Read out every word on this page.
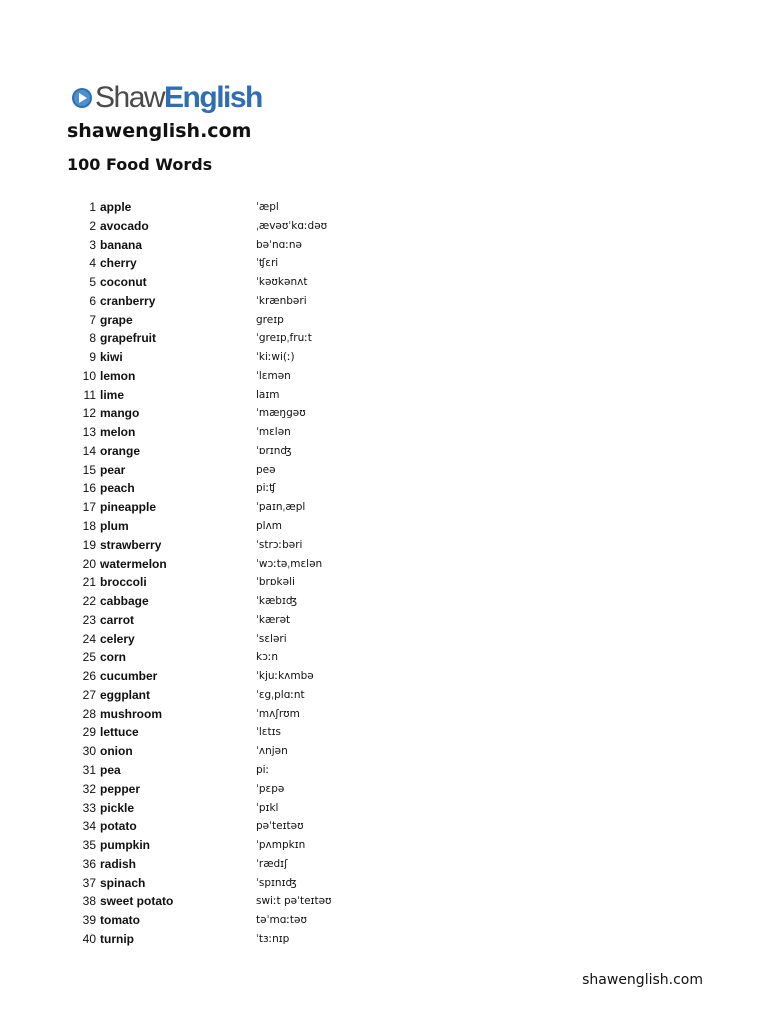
Shaw English
shawenglish.com
100 Food Words
1 apple	ˈæpl
2 avocado	ˌævəʊˈkɑːdəʊ
3 banana	bəˈnɑːnə
4 cherry	ˈʧɛri
5 coconut	ˈkəʊkənʌt
6 cranberry	ˈkrænbəri
7 grape	greɪp
8 grapefruit	ˈgreɪpˌfruːt
9 kiwi	ˈkiːwi(ː)
10 lemon	ˈlɛmən
11 lime	laɪm
12 mango	ˈmæŋgəʊ
13 melon	ˈmɛlən
14 orange	ˈɒrɪnʤ
15 pear	peə
16 peach	piːʧ
17 pineapple	ˈpaɪnˌæpl
18 plum	plʌm
19 strawberry	ˈstrɔːbəri
20 watermelon	ˈwɔːtəˌmɛlən
21 broccoli	ˈbrɒkəli
22 cabbage	ˈkæbɪʤ
23 carrot	ˈkærət
24 celery	ˈsɛləri
25 corn	kɔːn
26 cucumber	ˈkjuːkʌmbə
27 eggplant	ˈɛgˌplɑːnt
28 mushroom	ˈmʌʃrʊm
29 lettuce	ˈlɛtɪs
30 onion	ˈʌnjən
31 pea	piː
32 pepper	ˈpɛpə
33 pickle	ˈpɪkl
34 potato	pəˈteɪtəʊ
35 pumpkin	ˈpʌmpkɪn
36 radish	ˈrædɪʃ
37 spinach	ˈspɪnɪʤ
38 sweet potato	swiːt pəˈteɪtəʊ
39 tomato	təˈmɑːtəʊ
40 turnip	ˈtɜːnɪp
shawenglish.com
